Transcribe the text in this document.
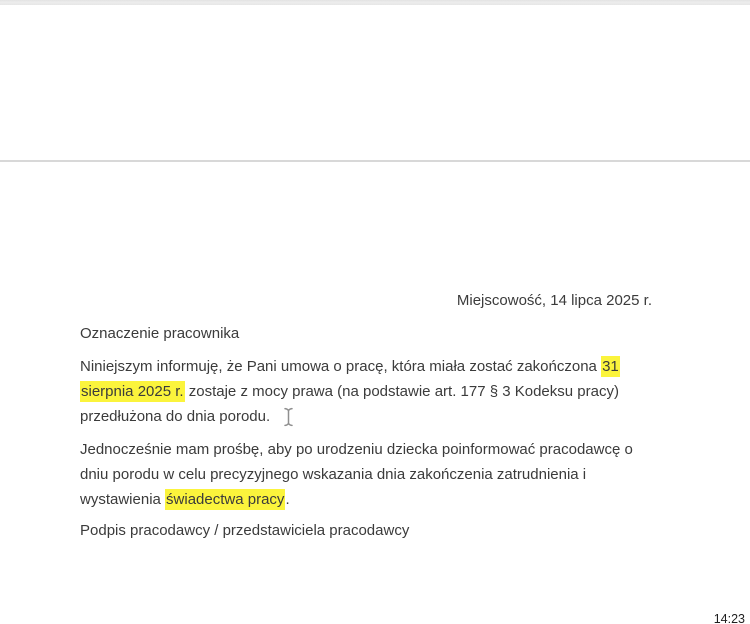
Miejscowość, 14 lipca 2025 r.

Oznaczenie pracownika

Niniejszym informuję, że Pani umowa o pracę, która miała zostać zakończona 31 sierpnia 2025 r. zostaje z mocy prawa (na podstawie art. 177 § 3 Kodeksu pracy) przedłużona do dnia porodu.

Jednocześnie mam prośbę, aby po urodzeniu dziecka poinformować pracodawcę o dniu porodu w celu precyzyjnego wskazania dnia zakończenia zatrudnienia i wystawienia świadectwa pracy.

Podpis pracodawcy / przedstawiciela pracodawcy

14:23
